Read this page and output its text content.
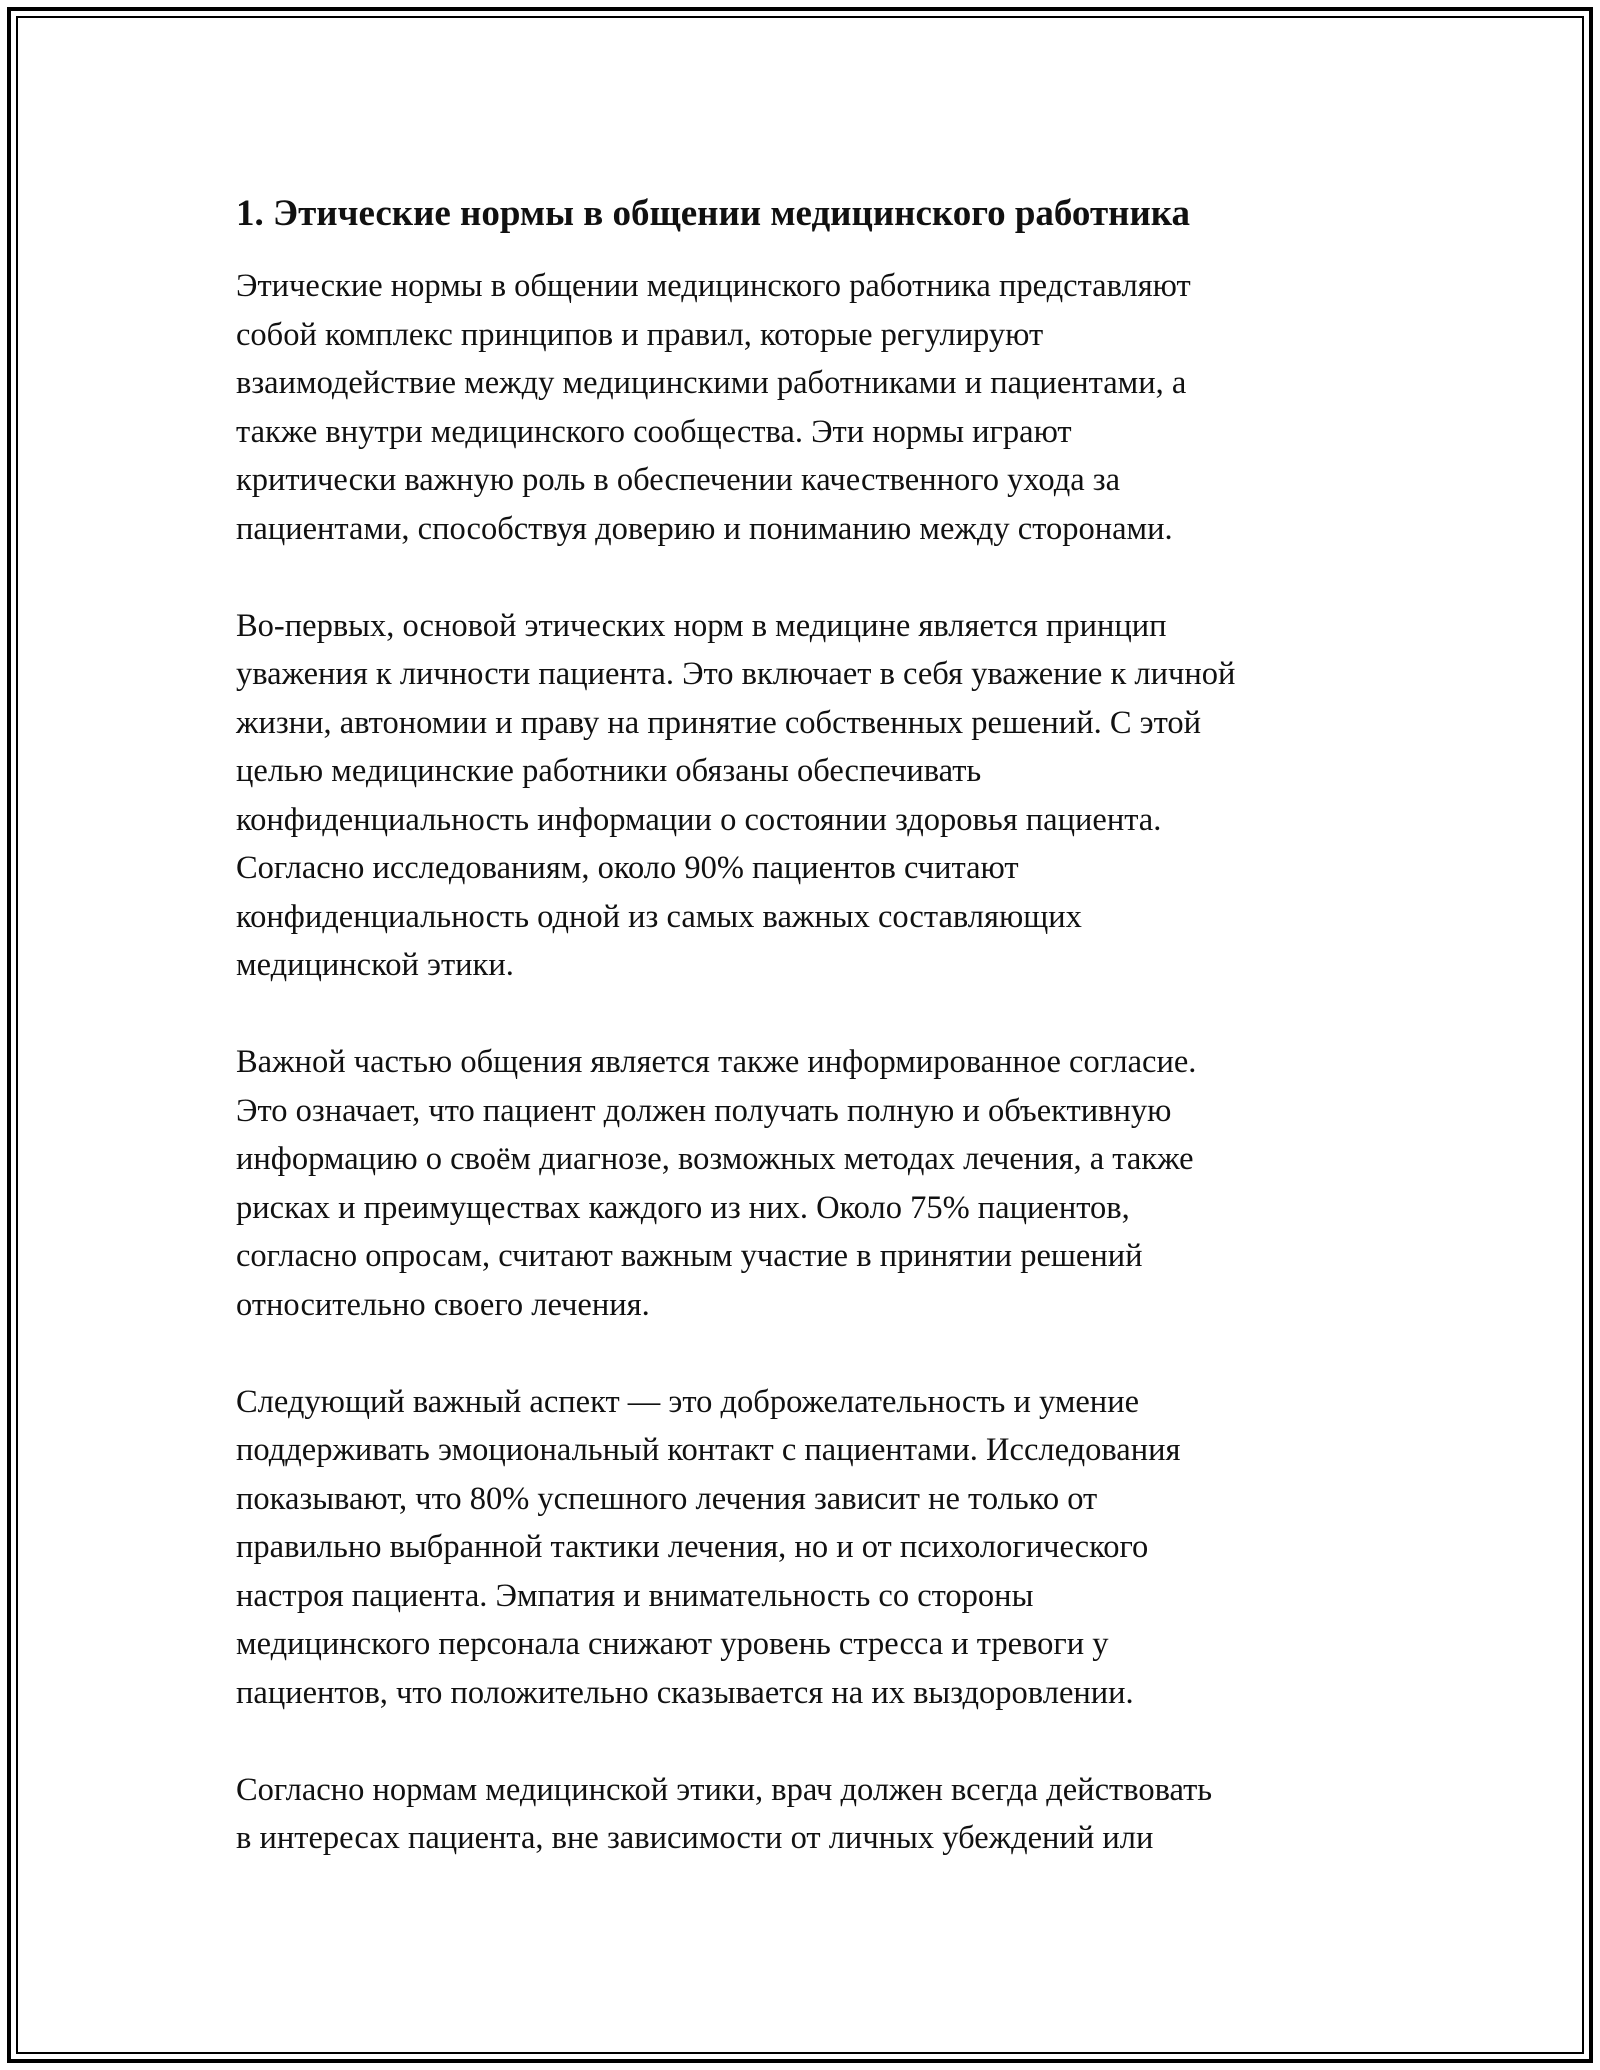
1. Этические нормы в общении медицинского работника

Этические нормы в общении медицинского работника представляют
собой комплекс принципов и правил, которые регулируют
взаимодействие между медицинскими работниками и пациентами, а
также внутри медицинского сообщества. Эти нормы играют
критически важную роль в обеспечении качественного ухода за
пациентами, способствуя доверию и пониманию между сторонами.

Во-первых, основой этических норм в медицине является принцип
уважения к личности пациента. Это включает в себя уважение к личной
жизни, автономии и праву на принятие собственных решений. С этой
целью медицинские работники обязаны обеспечивать
конфиденциальность информации о состоянии здоровья пациента.
Согласно исследованиям, около 90% пациентов считают
конфиденциальность одной из самых важных составляющих
медицинской этики.

Важной частью общения является также информированное согласие.
Это означает, что пациент должен получать полную и объективную
информацию о своём диагнозе, возможных методах лечения, а также
рисках и преимуществах каждого из них. Около 75% пациентов,
согласно опросам, считают важным участие в принятии решений
относительно своего лечения.

Следующий важный аспект — это доброжелательность и умение
поддерживать эмоциональный контакт с пациентами. Исследования
показывают, что 80% успешного лечения зависит не только от
правильно выбранной тактики лечения, но и от психологического
настроя пациента. Эмпатия и внимательность со стороны
медицинского персонала снижают уровень стресса и тревоги у
пациентов, что положительно сказывается на их выздоровлении.

Согласно нормам медицинской этики, врач должен всегда действовать
в интересах пациента, вне зависимости от личных убеждений или
